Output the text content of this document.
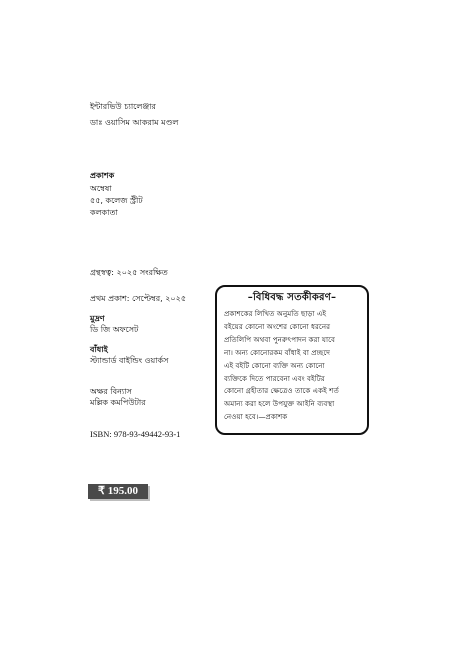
ইন্টারভিউ চ্যালেঞ্জার
ডাঃ ওয়াসিম আকরাম মণ্ডল
প্রকাশক
অম্বেষা
৫৫, কলেজ স্ট্রীট
কলকাতা
গ্রন্থস্বত্ব: ২০২৫ সংরক্ষিত
প্রথম প্রকাশ: সেপ্টেম্বর, ২০২৫
মুদ্রণ
ডি জি অফসেট
বাঁধাই
স্ট্যান্ডার্ড বাইন্ডিং ওয়ার্কস
অক্ষর বিন্যাস
মল্লিক কমপিউটার
ISBN: 978-93-49442-93-1
₹ 195.00
–বিধিবদ্ধ সতর্কীকরণ–
প্রকাশকের লিখিত অনুমতি ছাড়া এই
বইয়ের কোনো অংশের কোনো ধরনের
প্রতিলিপি অথবা পুনরুৎপাদন করা যাবে
না। অন্য কোনোরকম বাঁধাই বা প্রচ্ছদে
এই বইটি কোনো ব্যক্তি অন্য কোনো
ব্যক্তিকে দিতে পারবেনা এবং বইটির
কোনো গ্রহীতার ক্ষেত্রেও তাকে একই শর্ত
অমান্য করা হলে উপযুক্ত আইনি ব্যবস্থা
নেওয়া হবে।—প্রকাশক
